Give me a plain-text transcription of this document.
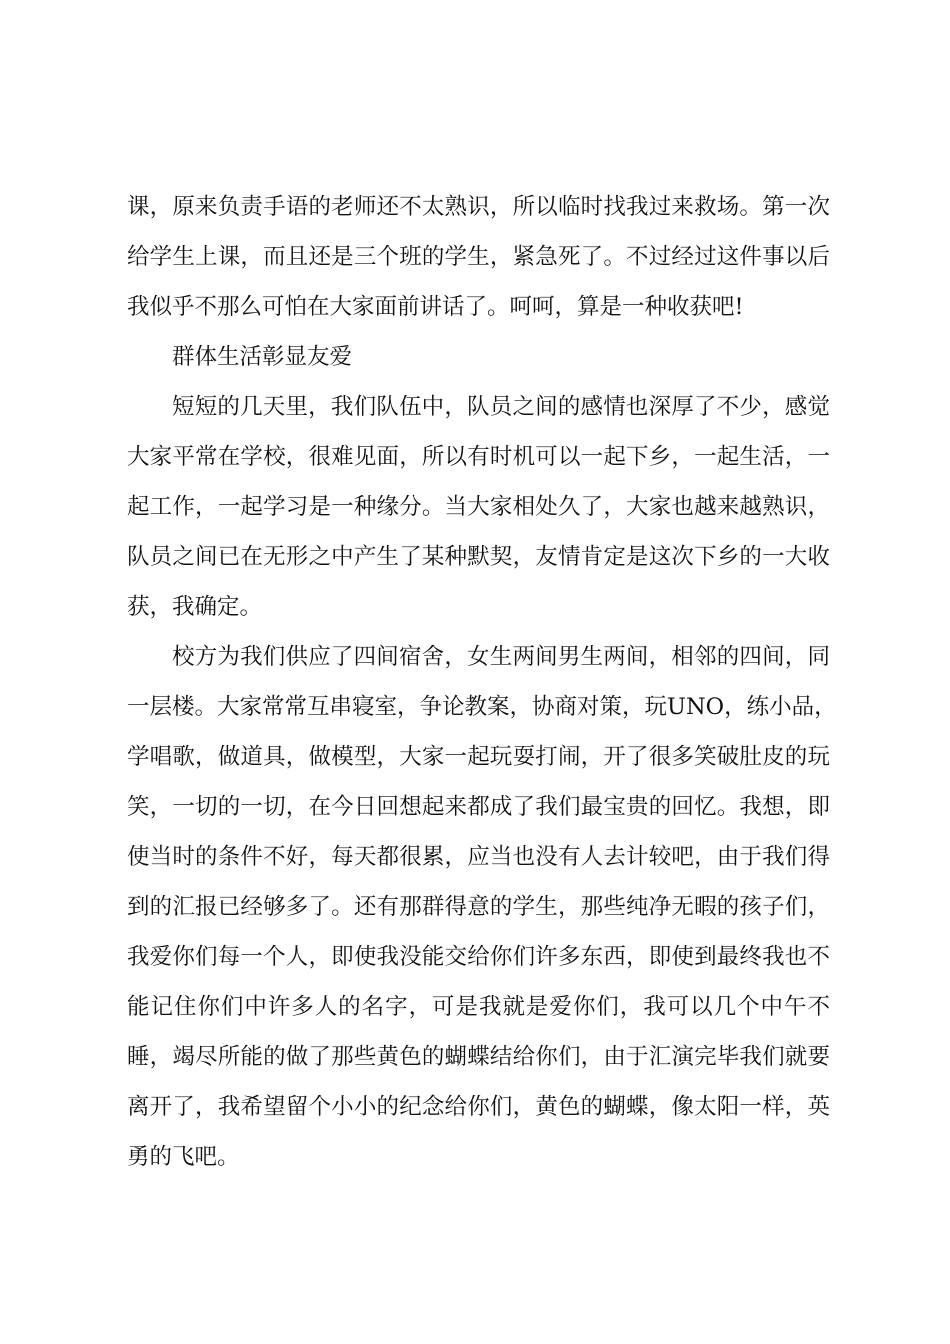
课，原来负责手语的老师还不太熟识，所以临时找我过来救场。第一次
给学生上课，而且还是三个班的学生，紧急死了。不过经过这件事以后
我似乎不那么可怕在大家面前讲话了。呵呵，算是一种收获吧!
群体生活彰显友爱
短短的几天里，我们队伍中，队员之间的感情也深厚了不少，感觉
大家平常在学校，很难见面，所以有时机可以一起下乡，一起生活，一
起工作，一起学习是一种缘分。当大家相处久了，大家也越来越熟识，
队员之间已在无形之中产生了某种默契，友情肯定是这次下乡的一大收
获，我确定。
校方为我们供应了四间宿舍，女生两间男生两间，相邻的四间，同
一层楼。大家常常互串寝室，争论教案，协商对策，玩UNO，练小品，
学唱歌，做道具，做模型，大家一起玩耍打闹，开了很多笑破肚皮的玩
笑，一切的一切，在今日回想起来都成了我们最宝贵的回忆。我想，即
使当时的条件不好，每天都很累，应当也没有人去计较吧，由于我们得
到的汇报已经够多了。还有那群得意的学生，那些纯净无暇的孩子们，
我爱你们每一个人，即使我没能交给你们许多东西，即使到最终我也不
能记住你们中许多人的名字，可是我就是爱你们，我可以几个中午不
睡，竭尽所能的做了那些黄色的蝴蝶结给你们，由于汇演完毕我们就要
离开了，我希望留个小小的纪念给你们，黄色的蝴蝶，像太阳一样，英
勇的飞吧。
